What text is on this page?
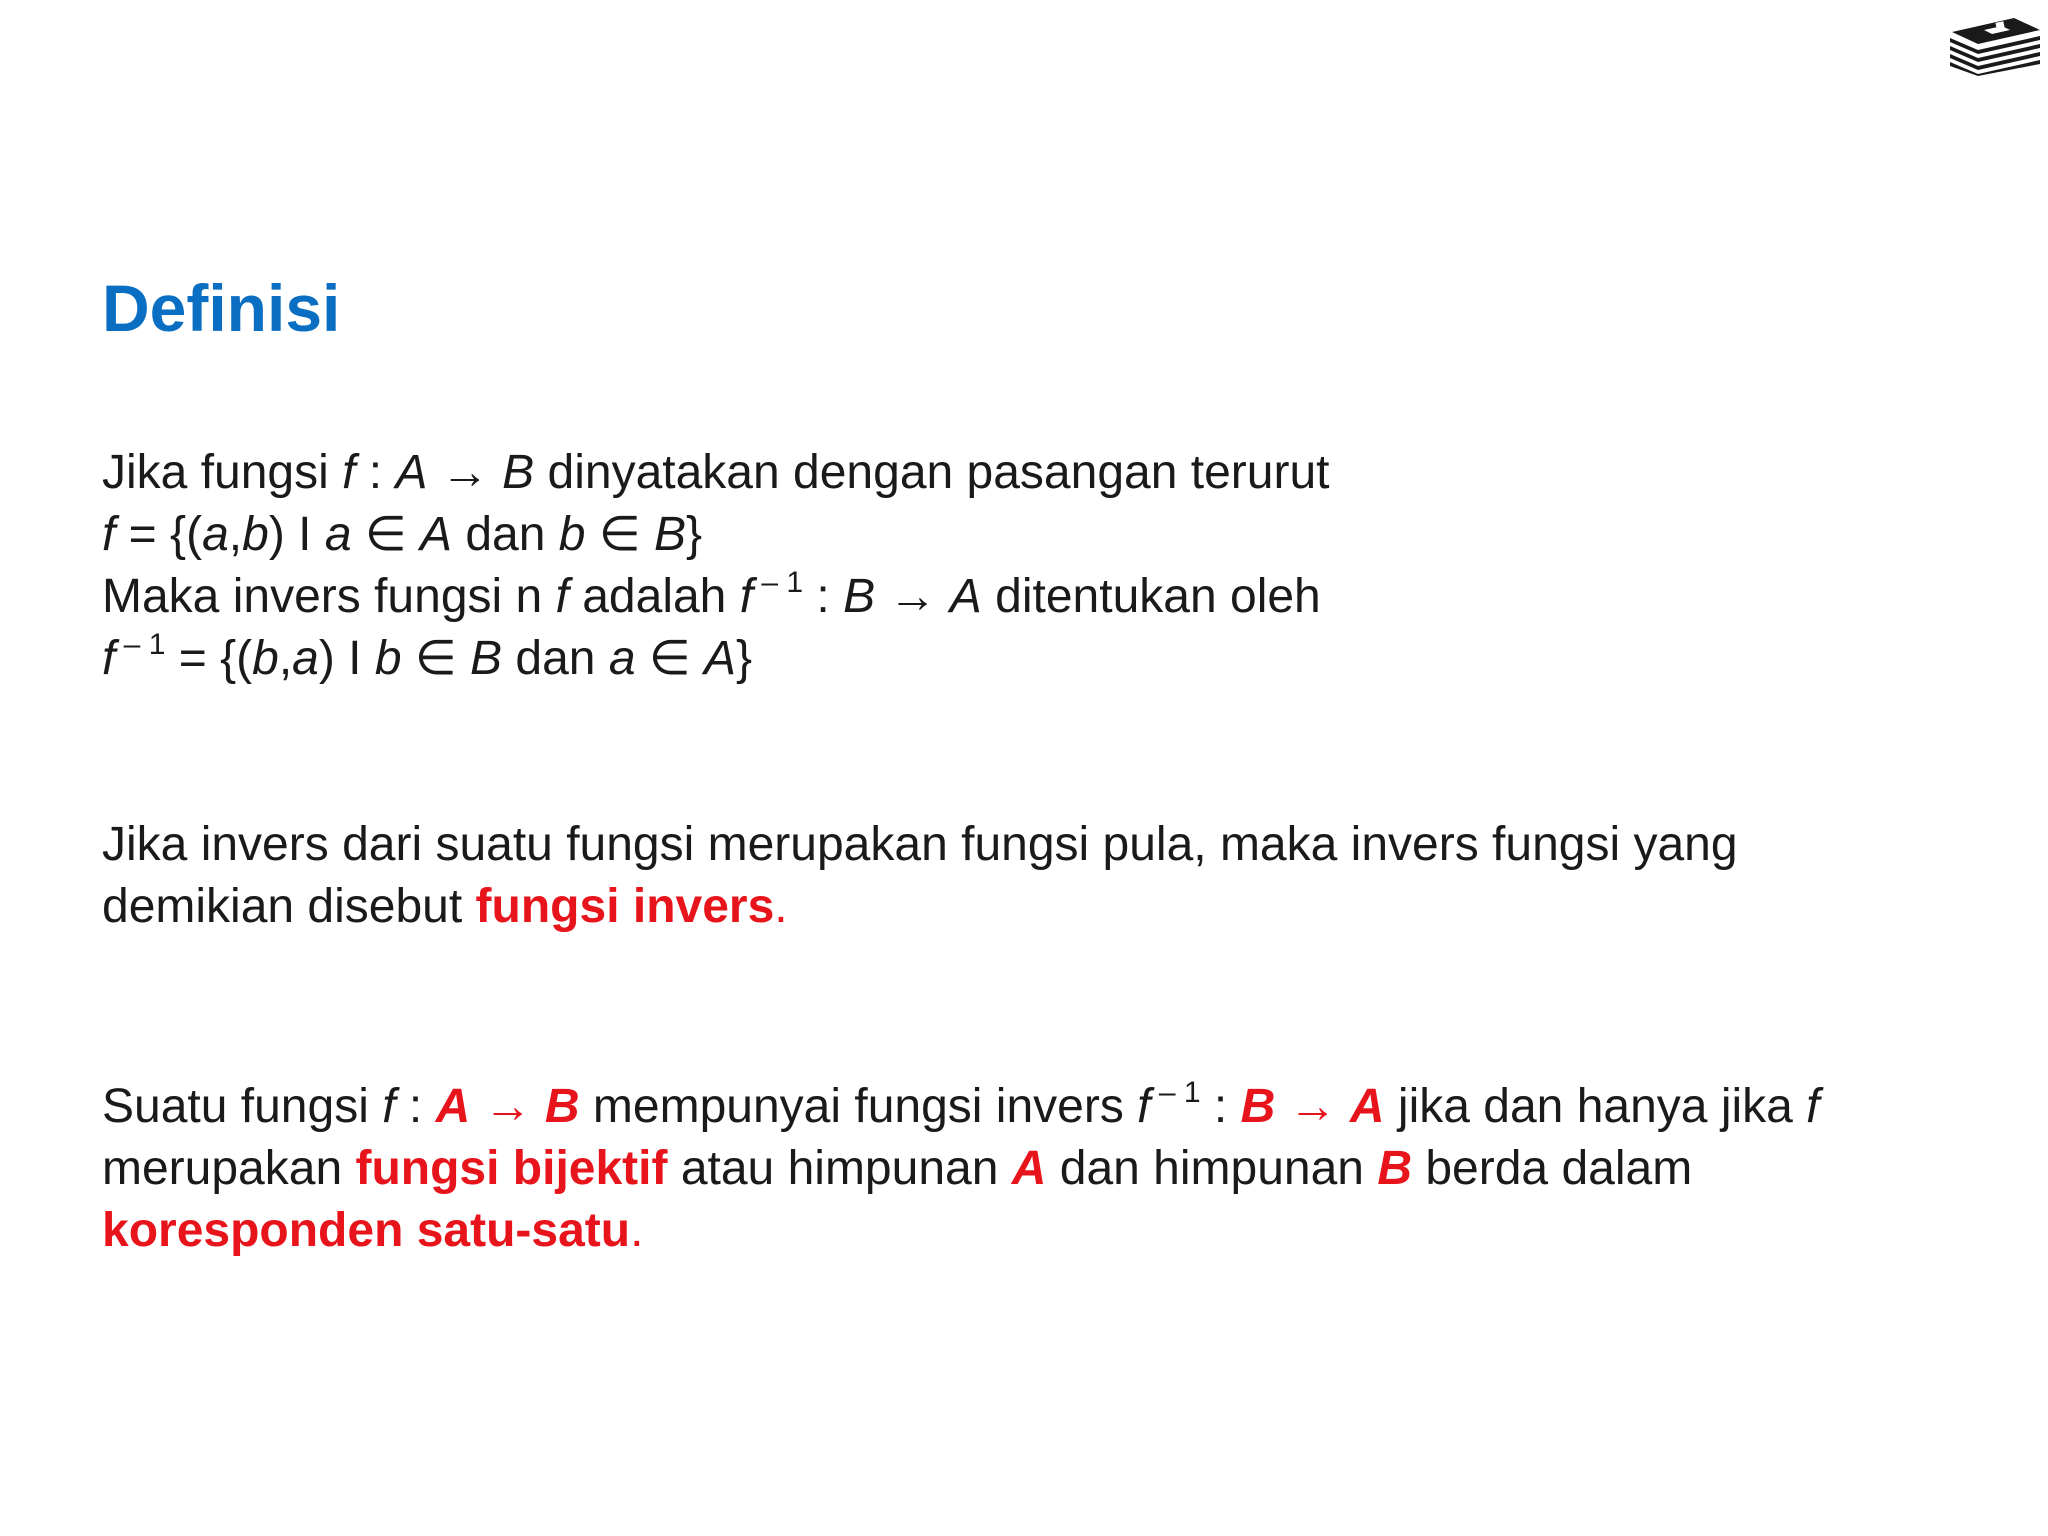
Definisi
Jika fungsi f : A → B dinyatakan dengan pasangan terurut
f = {(a,b) I a ∈ A dan b ∈ B}
Maka invers fungsi n f adalah f $^{- 1}$ : B → A ditentukan oleh
f $^{- 1}$ = {(b,a) I b ∈ B dan a ∈ A}
Jika invers dari suatu fungsi merupakan fungsi pula, maka invers fungsi yang
demikian disebut fungsi invers.
Suatu fungsi f : A → B mempunyai fungsi invers f $^{- 1}$ : B → A jika dan hanya jika f
merupakan fungsi bijektif atau himpunan A dan himpunan B berda dalam
koresponden satu-satu.
